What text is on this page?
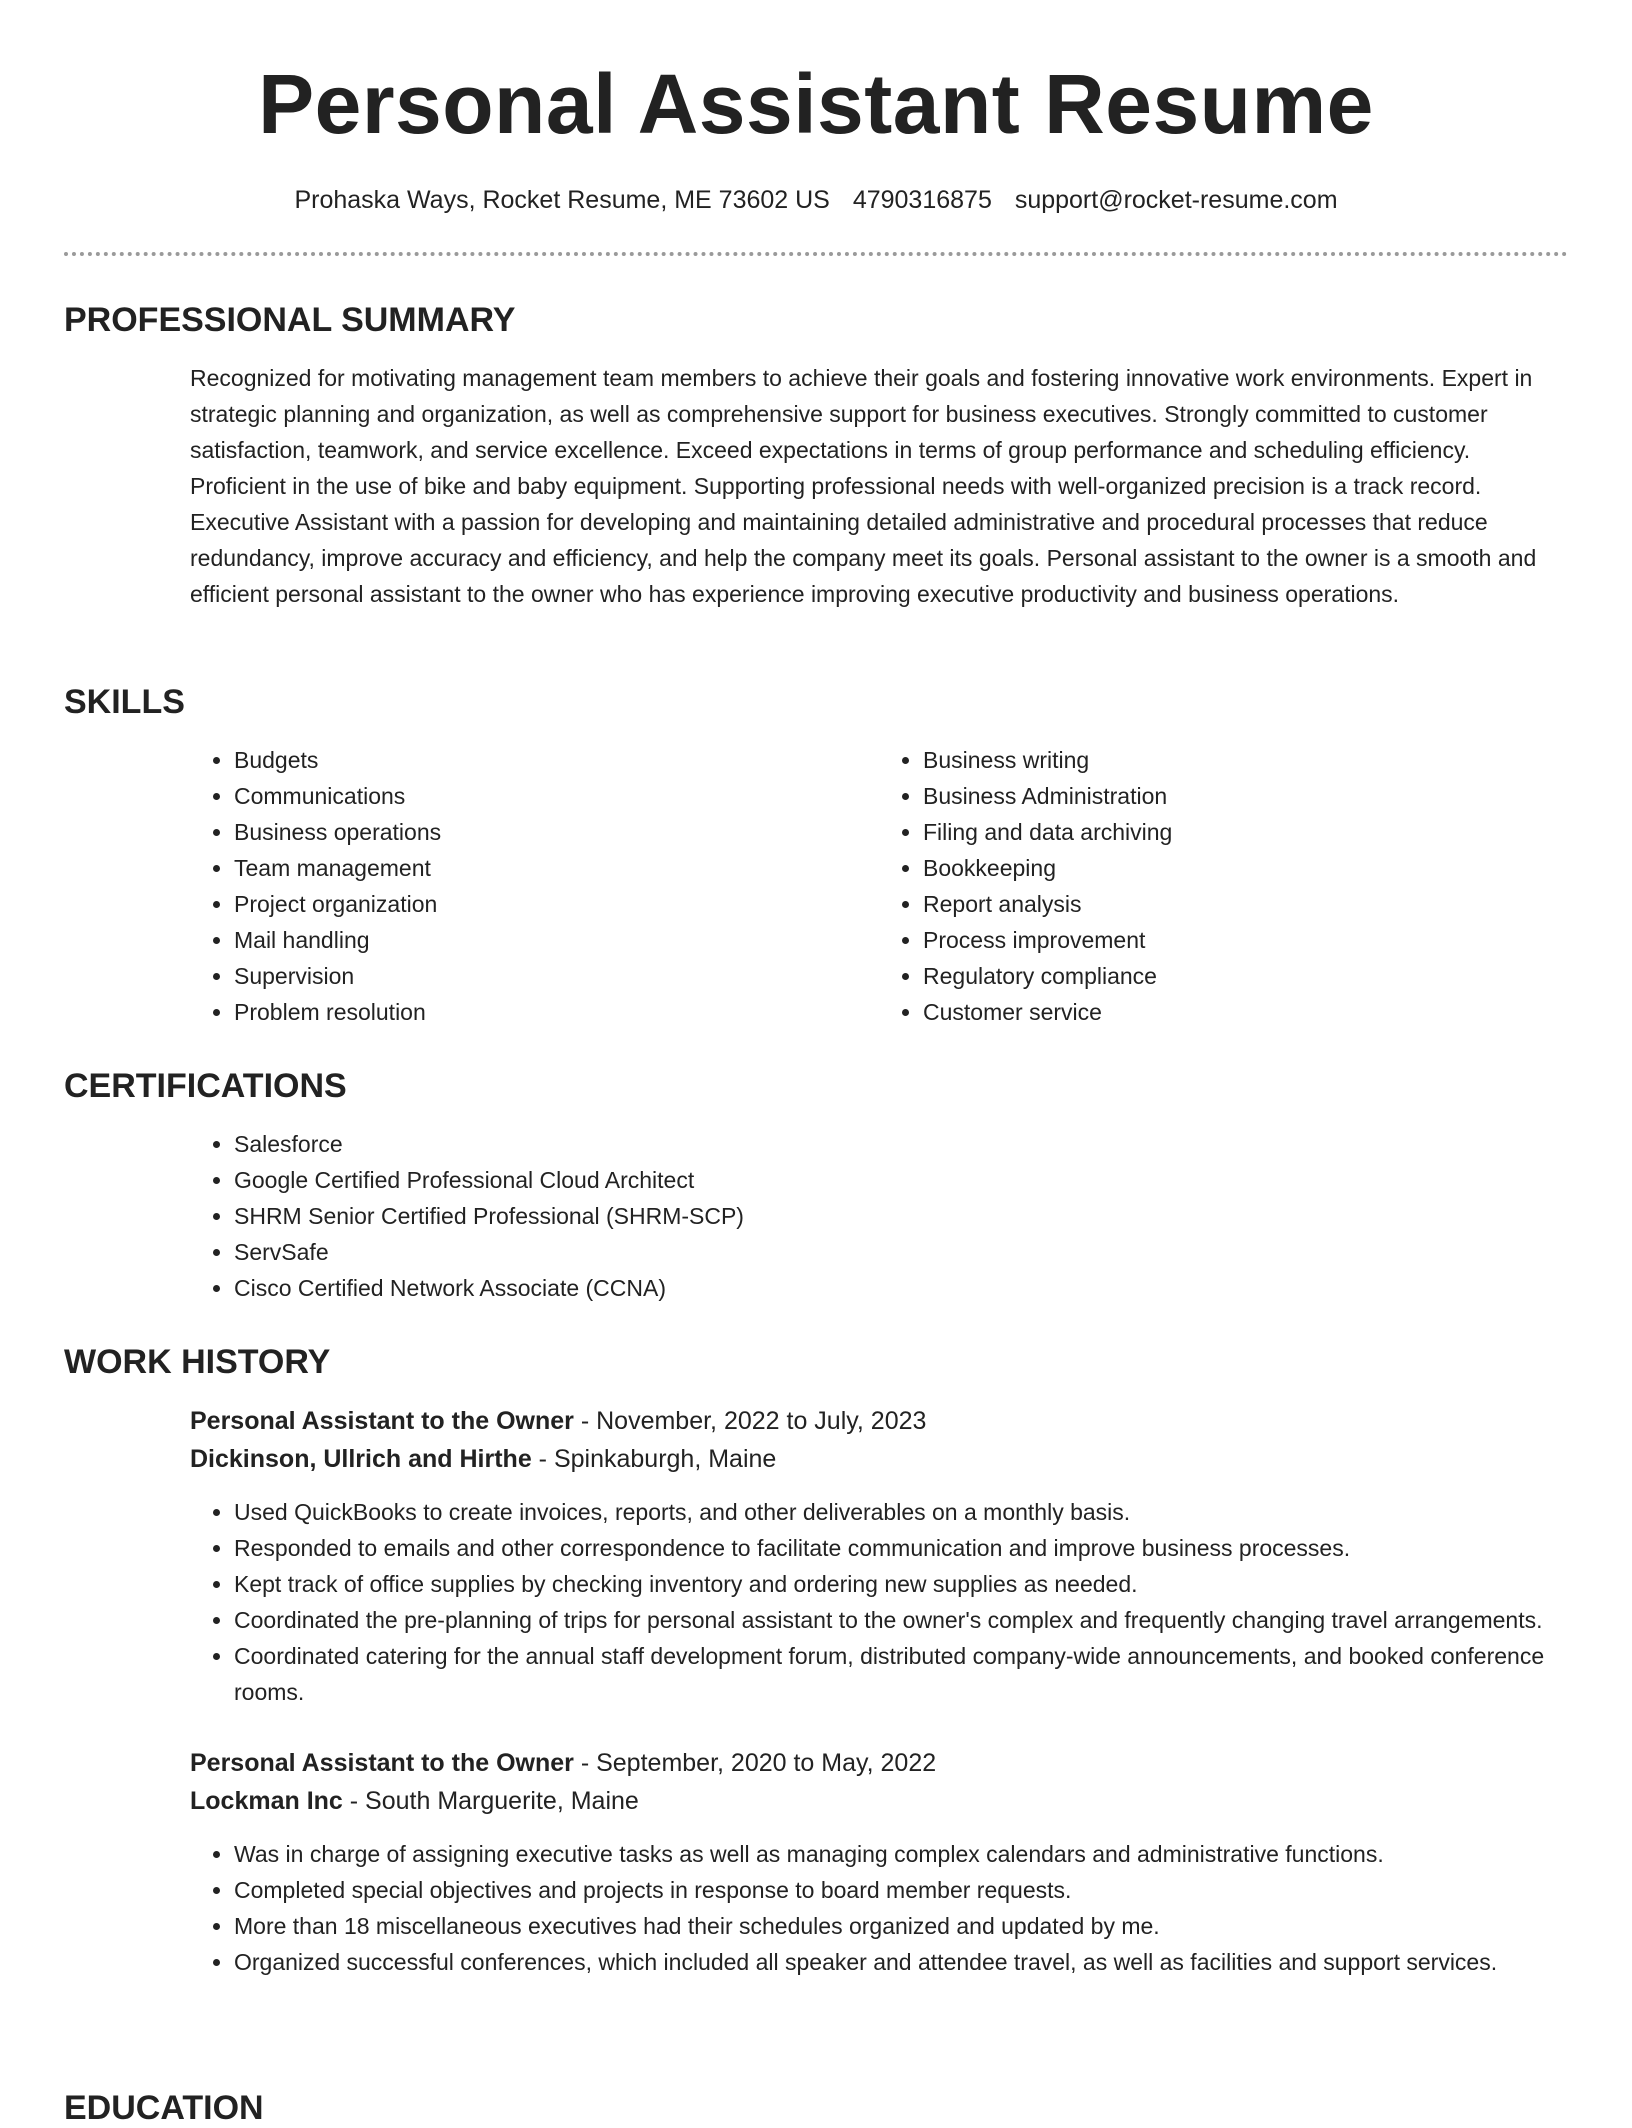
Personal Assistant Resume
Prohaska Ways, Rocket Resume, ME 73602 US 4790316875 support@rocket-resume.com
PROFESSIONAL SUMMARY

Recognized for motivating management team members to achieve their goals and fostering innovative work environments. Expert in strategic planning and organization, as well as comprehensive support for business executives. Strongly committed to customer satisfaction, teamwork, and service excellence. Exceed expectations in terms of group performance and scheduling efficiency. Proficient in the use of bike and baby equipment. Supporting professional needs with well-organized precision is a track record. Executive Assistant with a passion for developing and maintaining detailed administrative and procedural processes that reduce redundancy, improve accuracy and efficiency, and help the company meet its goals. Personal assistant to the owner is a smooth and efficient personal assistant to the owner who has experience improving executive productivity and business operations.

SKILLS
• Budgets
• Communications
• Business operations
• Team management
• Project organization
• Mail handling
• Supervision
• Problem resolution
• Business writing
• Business Administration
• Filing and data archiving
• Bookkeeping
• Report analysis
• Process improvement
• Regulatory compliance
• Customer service
CERTIFICATIONS
• Salesforce
• Google Certified Professional Cloud Architect
• SHRM Senior Certified Professional (SHRM-SCP)
• ServSafe
• Cisco Certified Network Associate (CCNA)
WORK HISTORY
Personal Assistant to the Owner - November, 2022 to July, 2023
Dickinson, Ullrich and Hirthe - Spinkaburgh, Maine
• Used QuickBooks to create invoices, reports, and other deliverables on a monthly basis.
• Responded to emails and other correspondence to facilitate communication and improve business processes.
• Kept track of office supplies by checking inventory and ordering new supplies as needed.
• Coordinated the pre-planning of trips for personal assistant to the owner's complex and frequently changing travel arrangements.
• Coordinated catering for the annual staff development forum, distributed company-wide announcements, and booked conference rooms.
Personal Assistant to the Owner - September, 2020 to May, 2022
Lockman Inc - South Marguerite, Maine
• Was in charge of assigning executive tasks as well as managing complex calendars and administrative functions.
• Completed special objectives and projects in response to board member requests.
• More than 18 miscellaneous executives had their schedules organized and updated by me.
• Organized successful conferences, which included all speaker and attendee travel, as well as facilities and support services.
EDUCATION
